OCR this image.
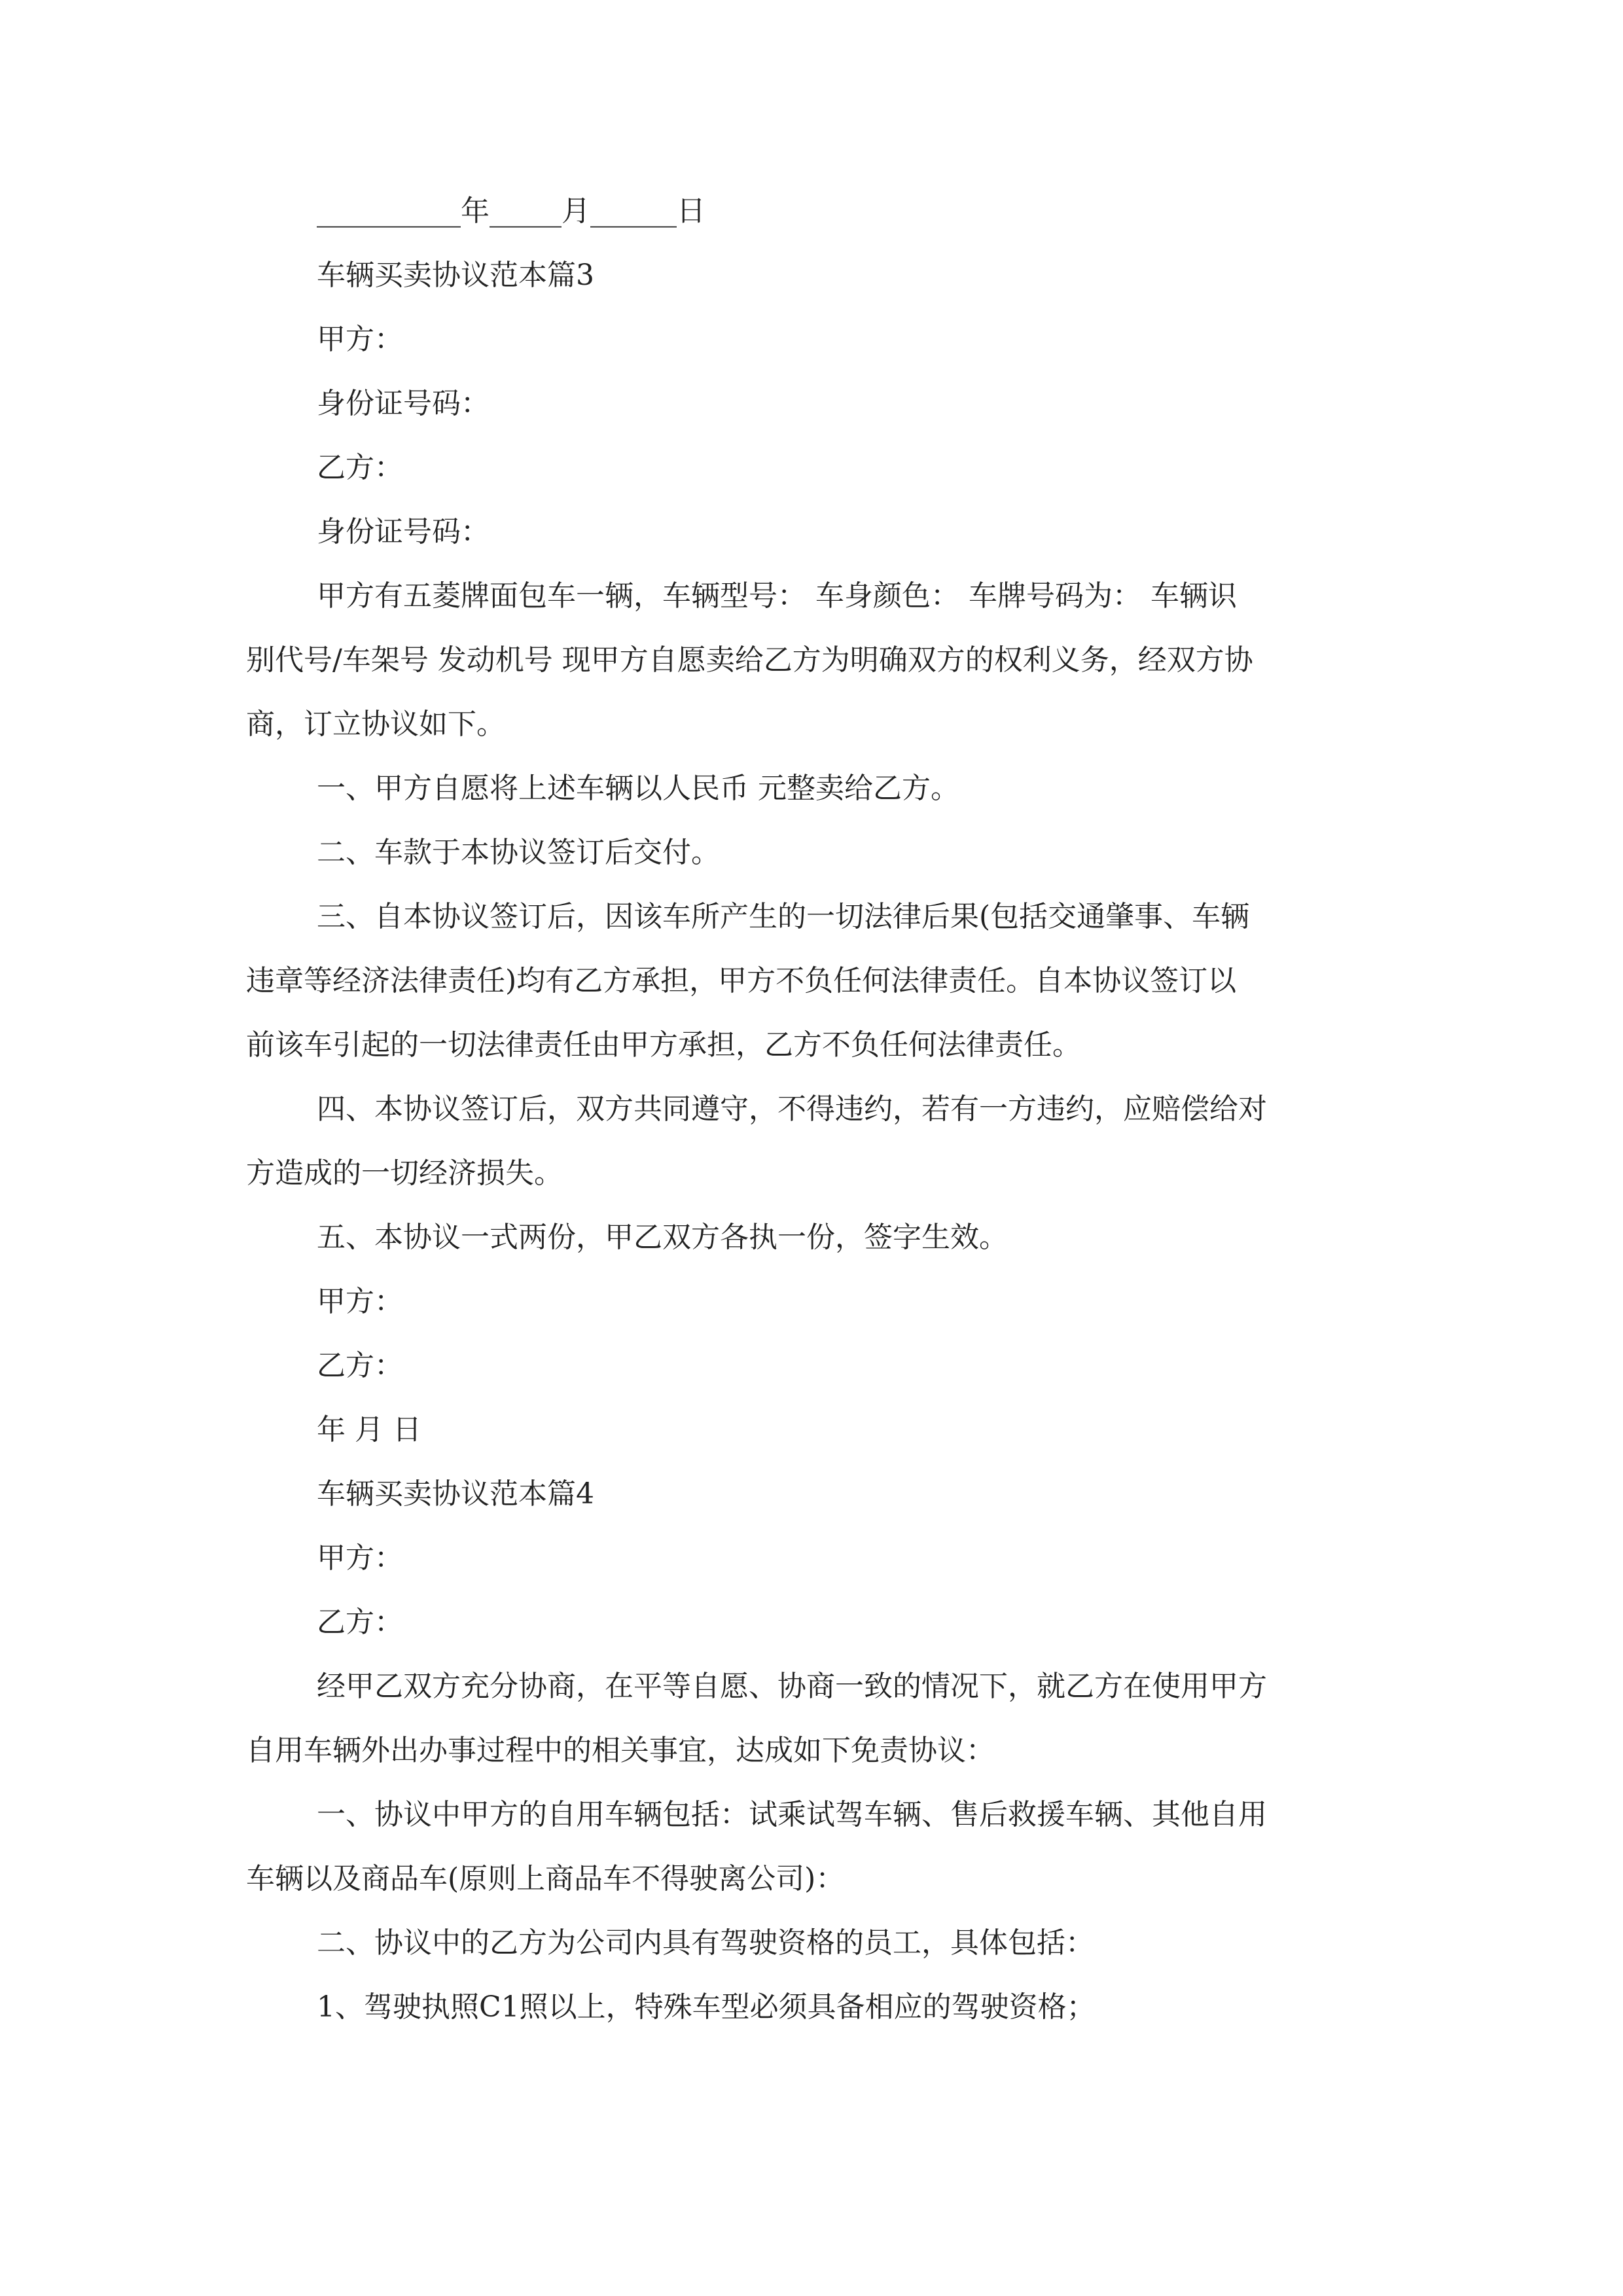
__________年_____月______日
车辆买卖协议范本篇3
甲方：
身份证号码：
乙方：
身份证号码：
甲方有五菱牌面包车一辆，车辆型号： 车身颜色： 车牌号码为： 车辆识
别代号/车架号 发动机号 现甲方自愿卖给乙方为明确双方的权利义务，经双方协
商，订立协议如下。
一、甲方自愿将上述车辆以人民币 元整卖给乙方。
二、车款于本协议签订后交付。
三、自本协议签订后，因该车所产生的一切法律后果(包括交通肇事、车辆
违章等经济法律责任)均有乙方承担，甲方不负任何法律责任。自本协议签订以
前该车引起的一切法律责任由甲方承担，乙方不负任何法律责任。
四、本协议签订后，双方共同遵守，不得违约，若有一方违约，应赔偿给对
方造成的一切经济损失。
五、本协议一式两份，甲乙双方各执一份，签字生效。
甲方：
乙方：
年 月 日
车辆买卖协议范本篇4
甲方：
乙方：
经甲乙双方充分协商，在平等自愿、协商一致的情况下，就乙方在使用甲方
自用车辆外出办事过程中的相关事宜，达成如下免责协议：
一、协议中甲方的自用车辆包括：试乘试驾车辆、售后救援车辆、其他自用
车辆以及商品车(原则上商品车不得驶离公司)：
二、协议中的乙方为公司内具有驾驶资格的员工，具体包括：
1、驾驶执照C1照以上，特殊车型必须具备相应的驾驶资格；
